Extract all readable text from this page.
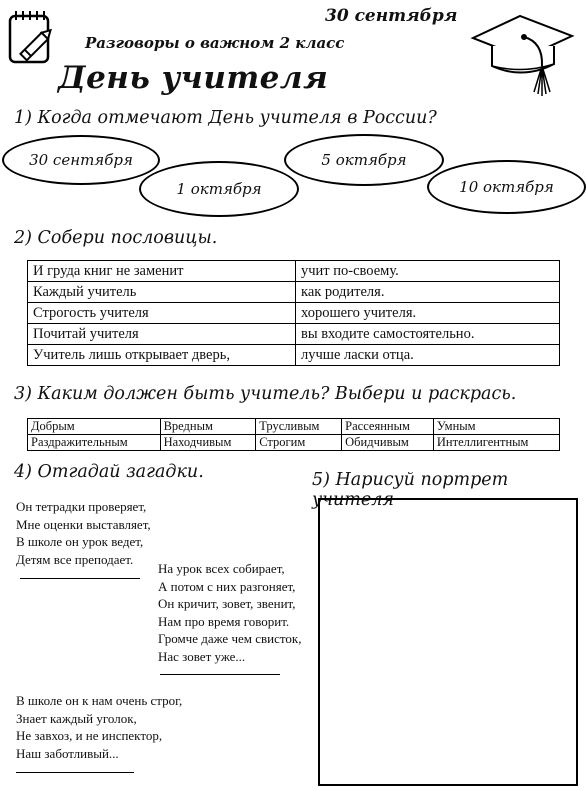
30 сентября
Разговоры о важном 2 класс
День учителя
1) Когда отмечают День учителя в России?
30 сентября	5 октября
1 октября	10 октября
2) Собери пословицы.
И груда книг не заменит	учит по-своему.
Каждый учитель	как родителя.
Строгость учителя	хорошего учителя.
Почитай учителя	вы входите самостоятельно.
Учитель лишь открывает дверь,	лучше ласки отца.
3) Каким должен быть учитель? Выбери и раскрась.
Добрым	Вредным	Трусливым	Рассеянным	Умным
Раздражительным	Находчивым	Строгим	Обидчивым	Интеллигентным
4) Отгадай загадки.
Он тетрадки проверяет,
Мне оценки выставляет,
В школе он урок ведет,
Детям все преподает.
На урок всех собирает,
А потом с них разгоняет,
Он кричит, зовет, звенит,
Нам про время говорит.
Громче даже чем свисток,
Нас зовет уже...
В школе он к нам очень строг,
Знает каждый уголок,
Не завхоз, и не инспектор,
Наш заботливый...
5) Нарисуй портрет учителя
